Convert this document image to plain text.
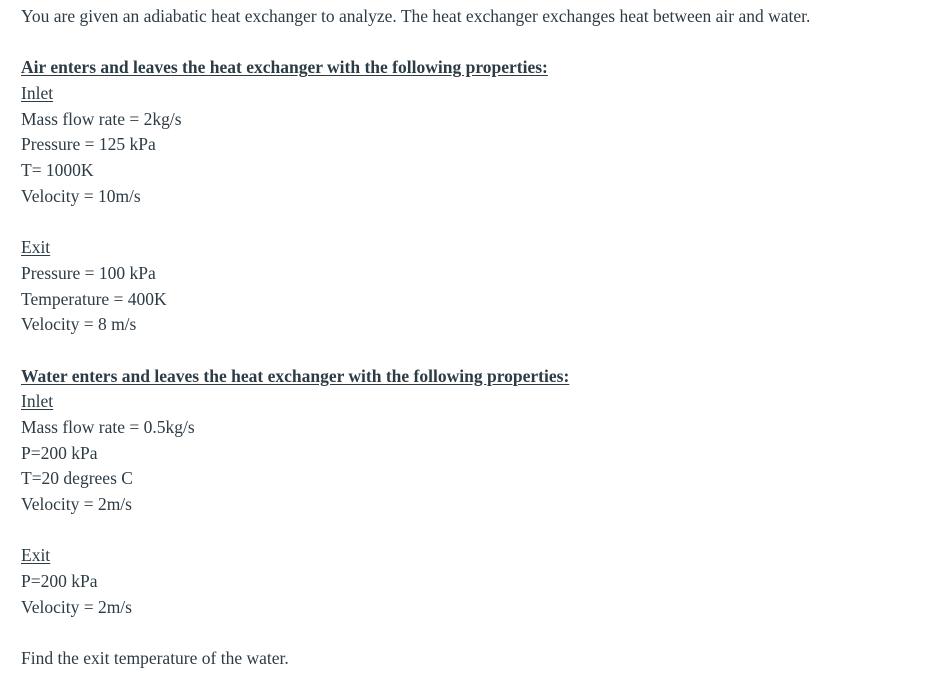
You are given an adiabatic heat exchanger to analyze. The heat exchanger exchanges heat between air and water.
Air enters and leaves the heat exchanger with the following properties:
Inlet
Mass flow rate = 2kg/s
Pressure = 125 kPa
T= 1000K
Velocity = 10m/s
Exit
Pressure = 100 kPa
Temperature = 400K
Velocity = 8 m/s
Water enters and leaves the heat exchanger with the following properties:
Inlet
Mass flow rate = 0.5kg/s
P=200 kPa
T=20 degrees C
Velocity = 2m/s
Exit
P=200 kPa
Velocity = 2m/s
Find the exit temperature of the water.
